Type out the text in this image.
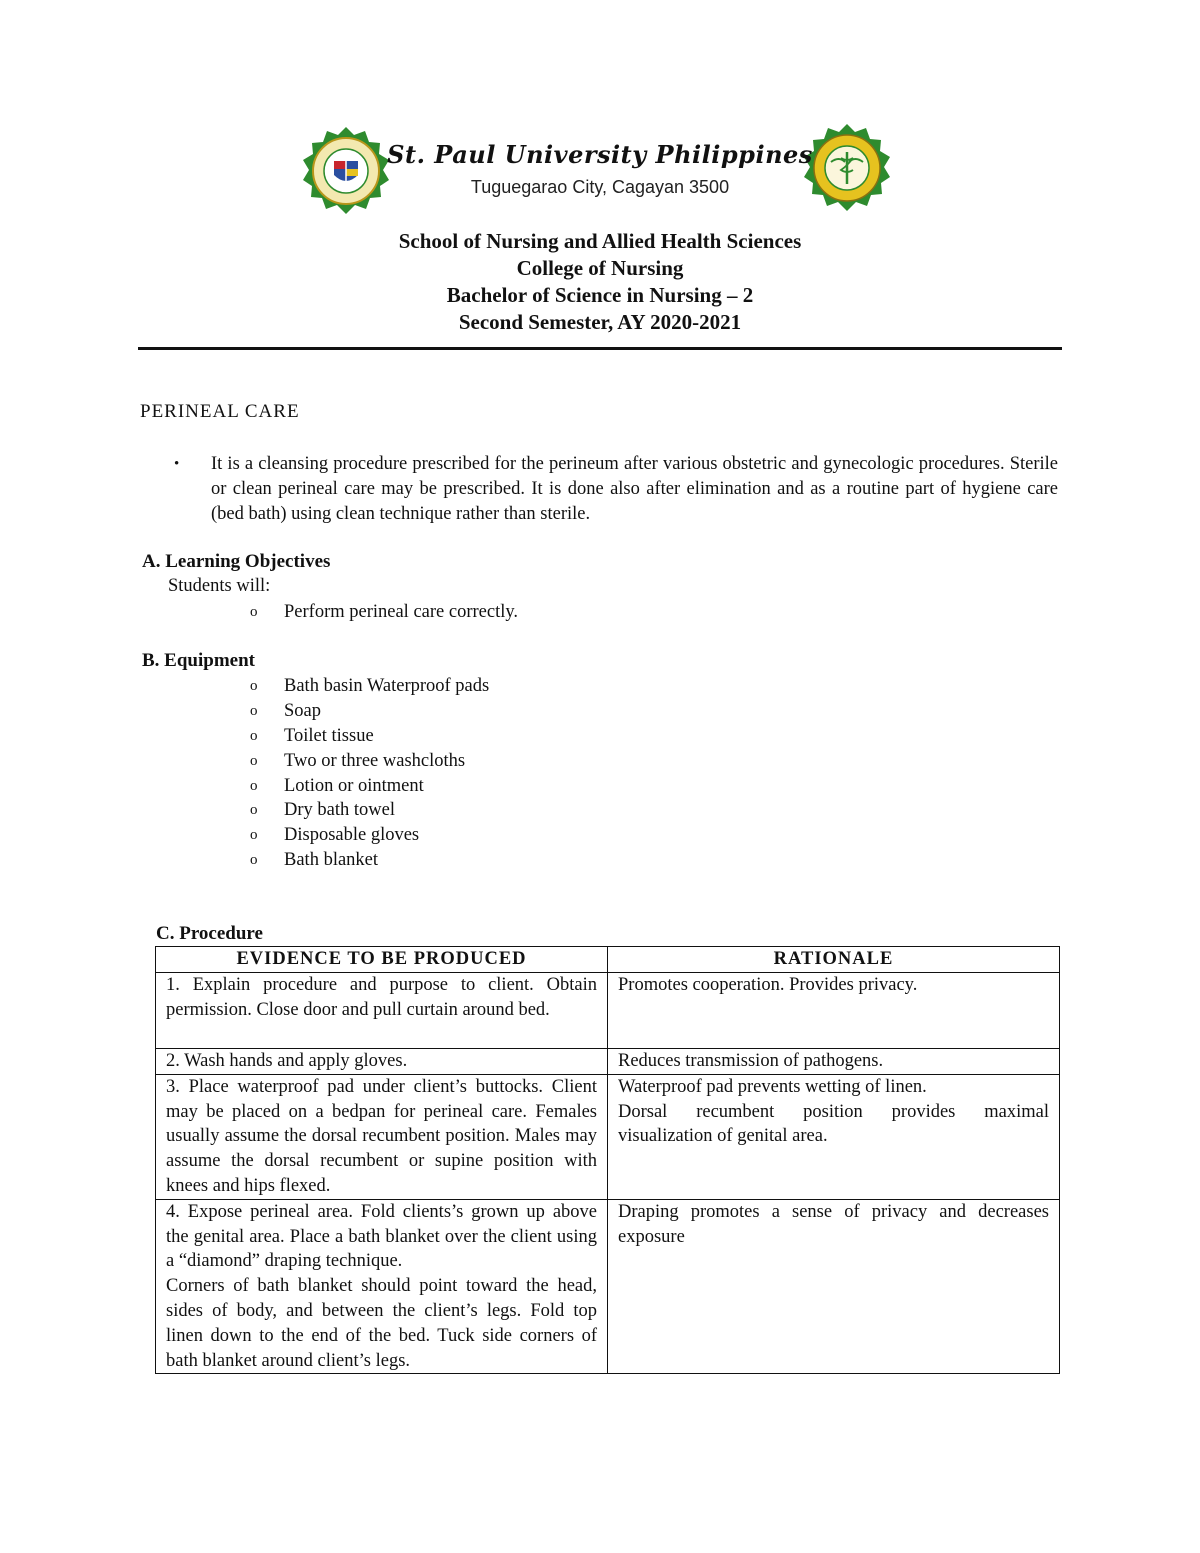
St. Paul University Philippines
Tuguegarao City, Cagayan 3500
School of Nursing and Allied Health Sciences
College of Nursing
Bachelor of Science in Nursing – 2
Second Semester, AY 2020-2021
PERINEAL CARE
• It is a cleansing procedure prescribed for the perineum after various obstetric and gynecologic procedures. Sterile or clean perineal care may be prescribed. It is done also after elimination and as a routine part of hygiene care (bed bath) using clean technique rather than sterile.
A. Learning Objectives
Students will:
o Perform perineal care correctly.
B. Equipment
o Bath basin Waterproof pads
o Soap
o Toilet tissue
o Two or three washcloths
o Lotion or ointment
o Dry bath towel
o Disposable gloves
o Bath blanket
C. Procedure
EVIDENCE TO BE PRODUCED	RATIONALE

1. Explain procedure and purpose to client. Obtain permission. Close door and pull curtain around bed.	Promotes cooperation. Provides privacy.

2. Wash hands and apply gloves.	Reduces transmission of pathogens.

3. Place waterproof pad under client’s buttocks. Client may be placed on a bedpan for perineal care. Females usually assume the dorsal recumbent position. Males may assume the dorsal recumbent or supine position with knees and hips flexed.	Waterproof pad prevents wetting of linen.
Dorsal recumbent position provides maximal visualization of genital area.

4. Expose perineal area. Fold clients’s grown up above the genital area. Place a bath blanket over the client using a “diamond” draping technique.
Corners of bath blanket should point toward the head, sides of body, and between the client’s legs. Fold top linen down to the end of the bed. Tuck side corners of bath blanket around client’s legs.	Draping promotes a sense of privacy and decreases exposure
